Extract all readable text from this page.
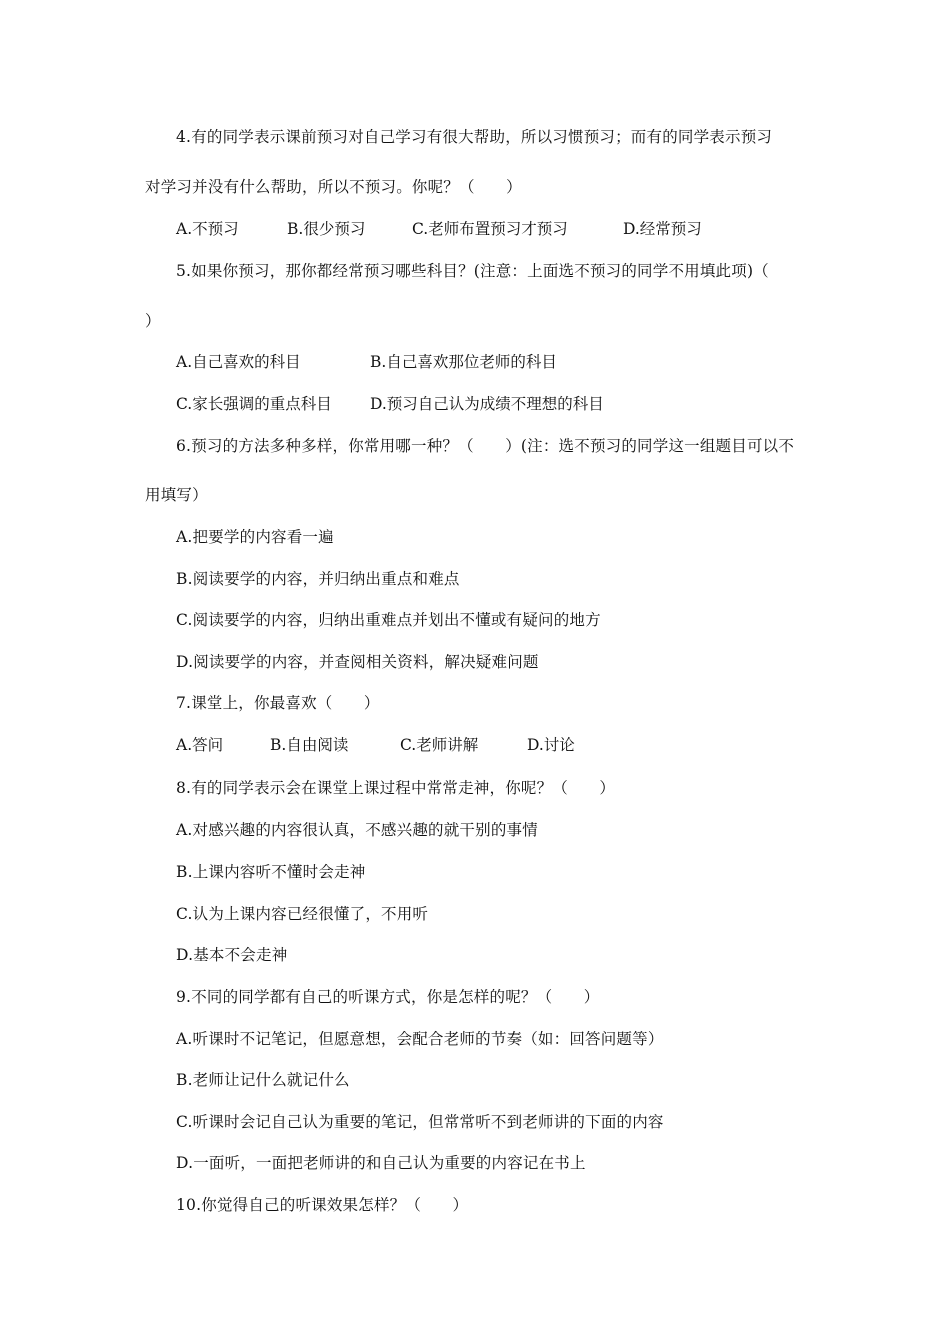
4.有的同学表示课前预习对自己学习有很大帮助，所以习惯预习；而有的同学表示预习
对学习并没有什么帮助，所以不预习。你呢？（　　）
A.不预习	B.很少预习	C.老师布置预习才预习	D.经常预习
5.如果你预习，那你都经常预习哪些科目？(注意：上面选不预习的同学不用填此项)（
）
A.自己喜欢的科目	B.自己喜欢那位老师的科目
C.家长强调的重点科目 D.预习自己认为成绩不理想的科目
6.预习的方法多种多样，你常用哪一种？（　　）(注：选不预习的同学这一组题目可以不
用填写）
A.把要学的内容看一遍
B.阅读要学的内容，并归纳出重点和难点
C.阅读要学的内容，归纳出重难点并划出不懂或有疑问的地方
D.阅读要学的内容，并查阅相关资料，解决疑难问题
7.课堂上，你最喜欢（　　）
A.答问	B.自由阅读	C.老师讲解	D.讨论
8.有的同学表示会在课堂上课过程中常常走神，你呢？（　　）
A.对感兴趣的内容很认真，不感兴趣的就干别的事情
B.上课内容听不懂时会走神
C.认为上课内容已经很懂了，不用听
D.基本不会走神
9.不同的同学都有自己的听课方式，你是怎样的呢？（　　）
A.听课时不记笔记，但愿意想，会配合老师的节奏（如：回答问题等）
B.老师让记什么就记什么
C.听课时会记自己认为重要的笔记，但常常听不到老师讲的下面的内容
D.一面听，一面把老师讲的和自己认为重要的内容记在书上
10.你觉得自己的听课效果怎样？（　　）
